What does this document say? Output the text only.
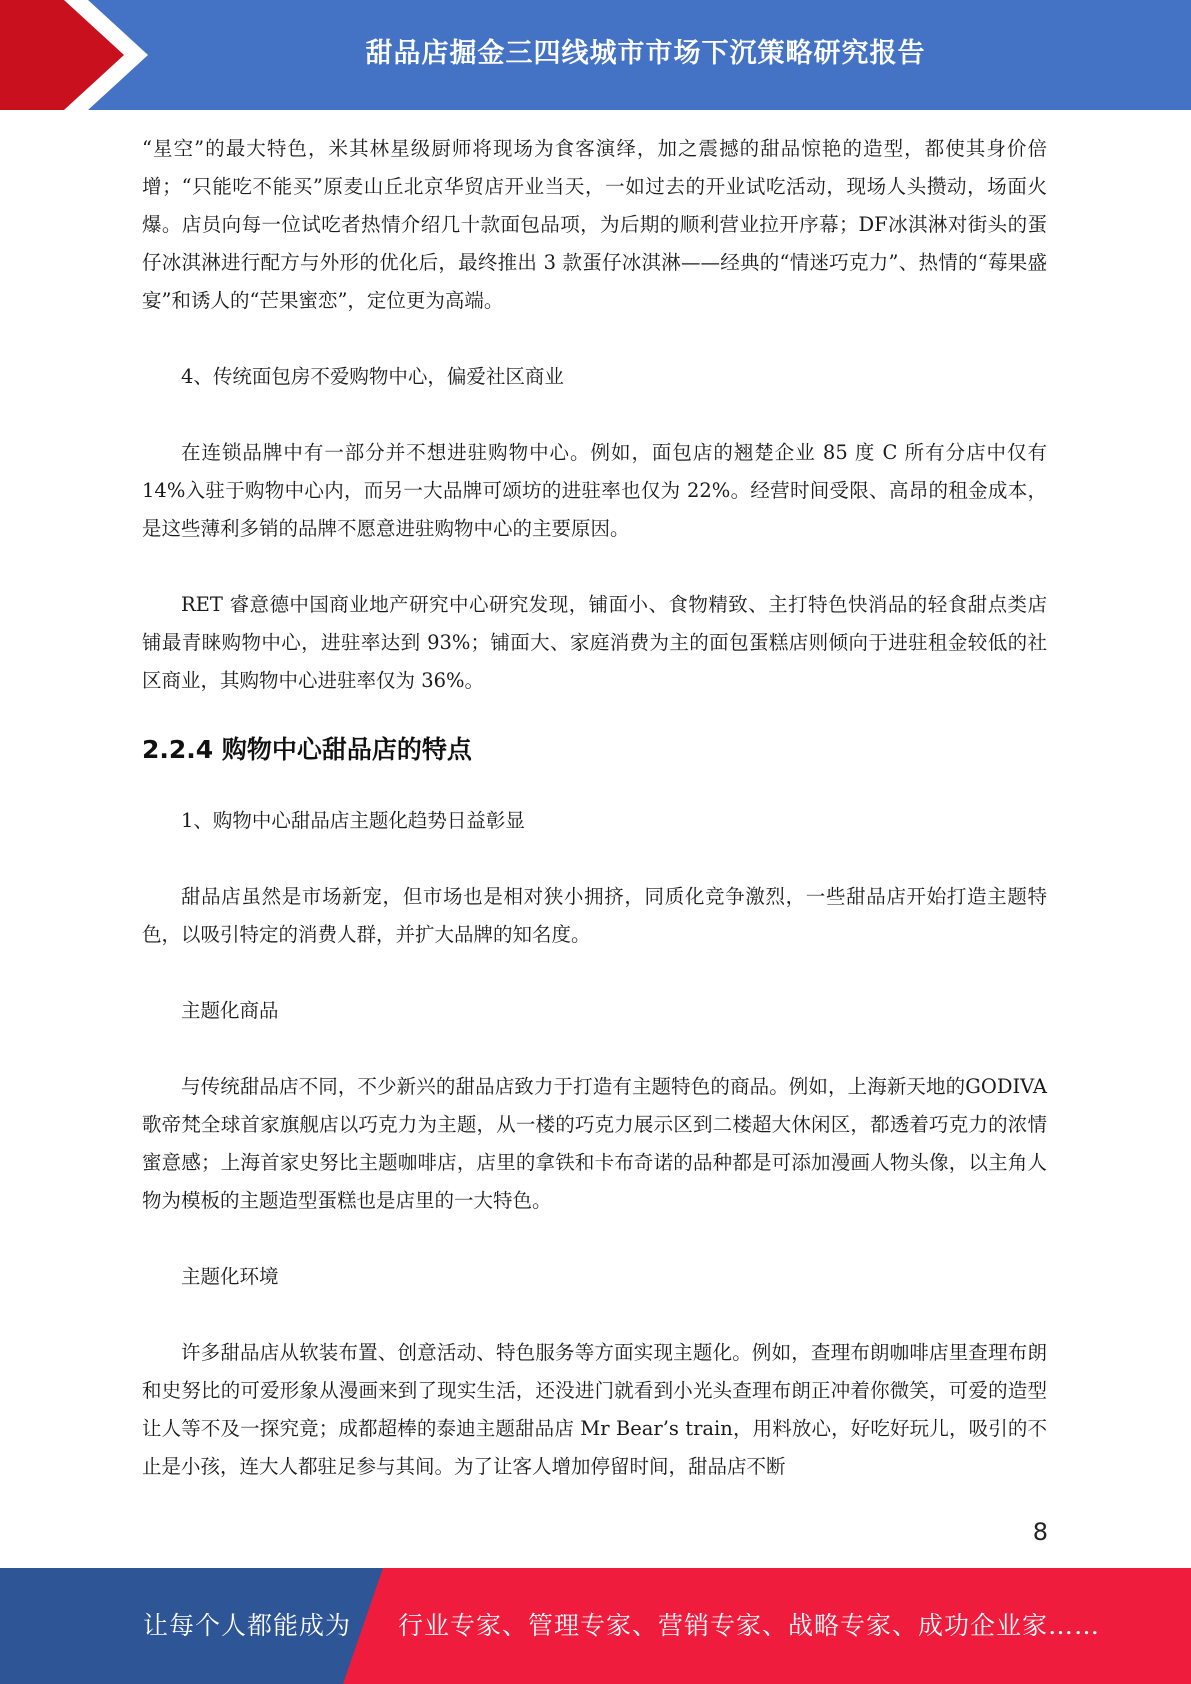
甜品店掘金三四线城市市场下沉策略研究报告

“星空”的最大特色，米其林星级厨师将现场为食客演绎，加之震撼的甜品惊艳的造型，都使其身价倍增；“只能吃不能买”原麦山丘北京华贸店开业当天，一如过去的开业试吃活动，现场人头攒动，场面火爆。店员向每一位试吃者热情介绍几十款面包品项，为后期的顺利营业拉开序幕；DF冰淇淋对街头的蛋仔冰淇淋进行配方与外形的优化后，最终推出 3 款蛋仔冰淇淋——经典的“情迷巧克力”、热情的“莓果盛宴”和诱人的“芒果蜜恋”，定位更为高端。

4、传统面包房不爱购物中心，偏爱社区商业

在连锁品牌中有一部分并不想进驻购物中心。例如，面包店的翘楚企业 85 度 C 所有分店中仅有 14%入驻于购物中心内，而另一大品牌可颂坊的进驻率也仅为 22%。经营时间受限、高昂的租金成本，是这些薄利多销的品牌不愿意进驻购物中心的主要原因。

RET 睿意德中国商业地产研究中心研究发现，铺面小、食物精致、主打特色快消品的轻食甜点类店铺最青睐购物中心，进驻率达到 93%；铺面大、家庭消费为主的面包蛋糕店则倾向于进驻租金较低的社区商业，其购物中心进驻率仅为 36%。

2.2.4 购物中心甜品店的特点

1、购物中心甜品店主题化趋势日益彰显

甜品店虽然是市场新宠，但市场也是相对狭小拥挤，同质化竞争激烈，一些甜品店开始打造主题特色，以吸引特定的消费人群，并扩大品牌的知名度。

主题化商品

与传统甜品店不同，不少新兴的甜品店致力于打造有主题特色的商品。例如，上海新天地的GODIVA 歌帝梵全球首家旗舰店以巧克力为主题，从一楼的巧克力展示区到二楼超大休闲区，都透着巧克力的浓情蜜意感；上海首家史努比主题咖啡店，店里的拿铁和卡布奇诺的品种都是可添加漫画人物头像，以主角人物为模板的主题造型蛋糕也是店里的一大特色。

主题化环境

许多甜品店从软装布置、创意活动、特色服务等方面实现主题化。例如，查理布朗咖啡店里查理布朗和史努比的可爱形象从漫画来到了现实生活，还没进门就看到小光头查理布朗正冲着你微笑，可爱的造型让人等不及一探究竟；成都超棒的泰迪主题甜品店 Mr Bear’s train，用料放心，好吃好玩儿，吸引的不止是小孩，连大人都驻足参与其间。为了让客人增加停留时间，甜品店不断

8
让每个人都能成为 行业专家、管理专家、营销专家、战略专家、成功企业家……
